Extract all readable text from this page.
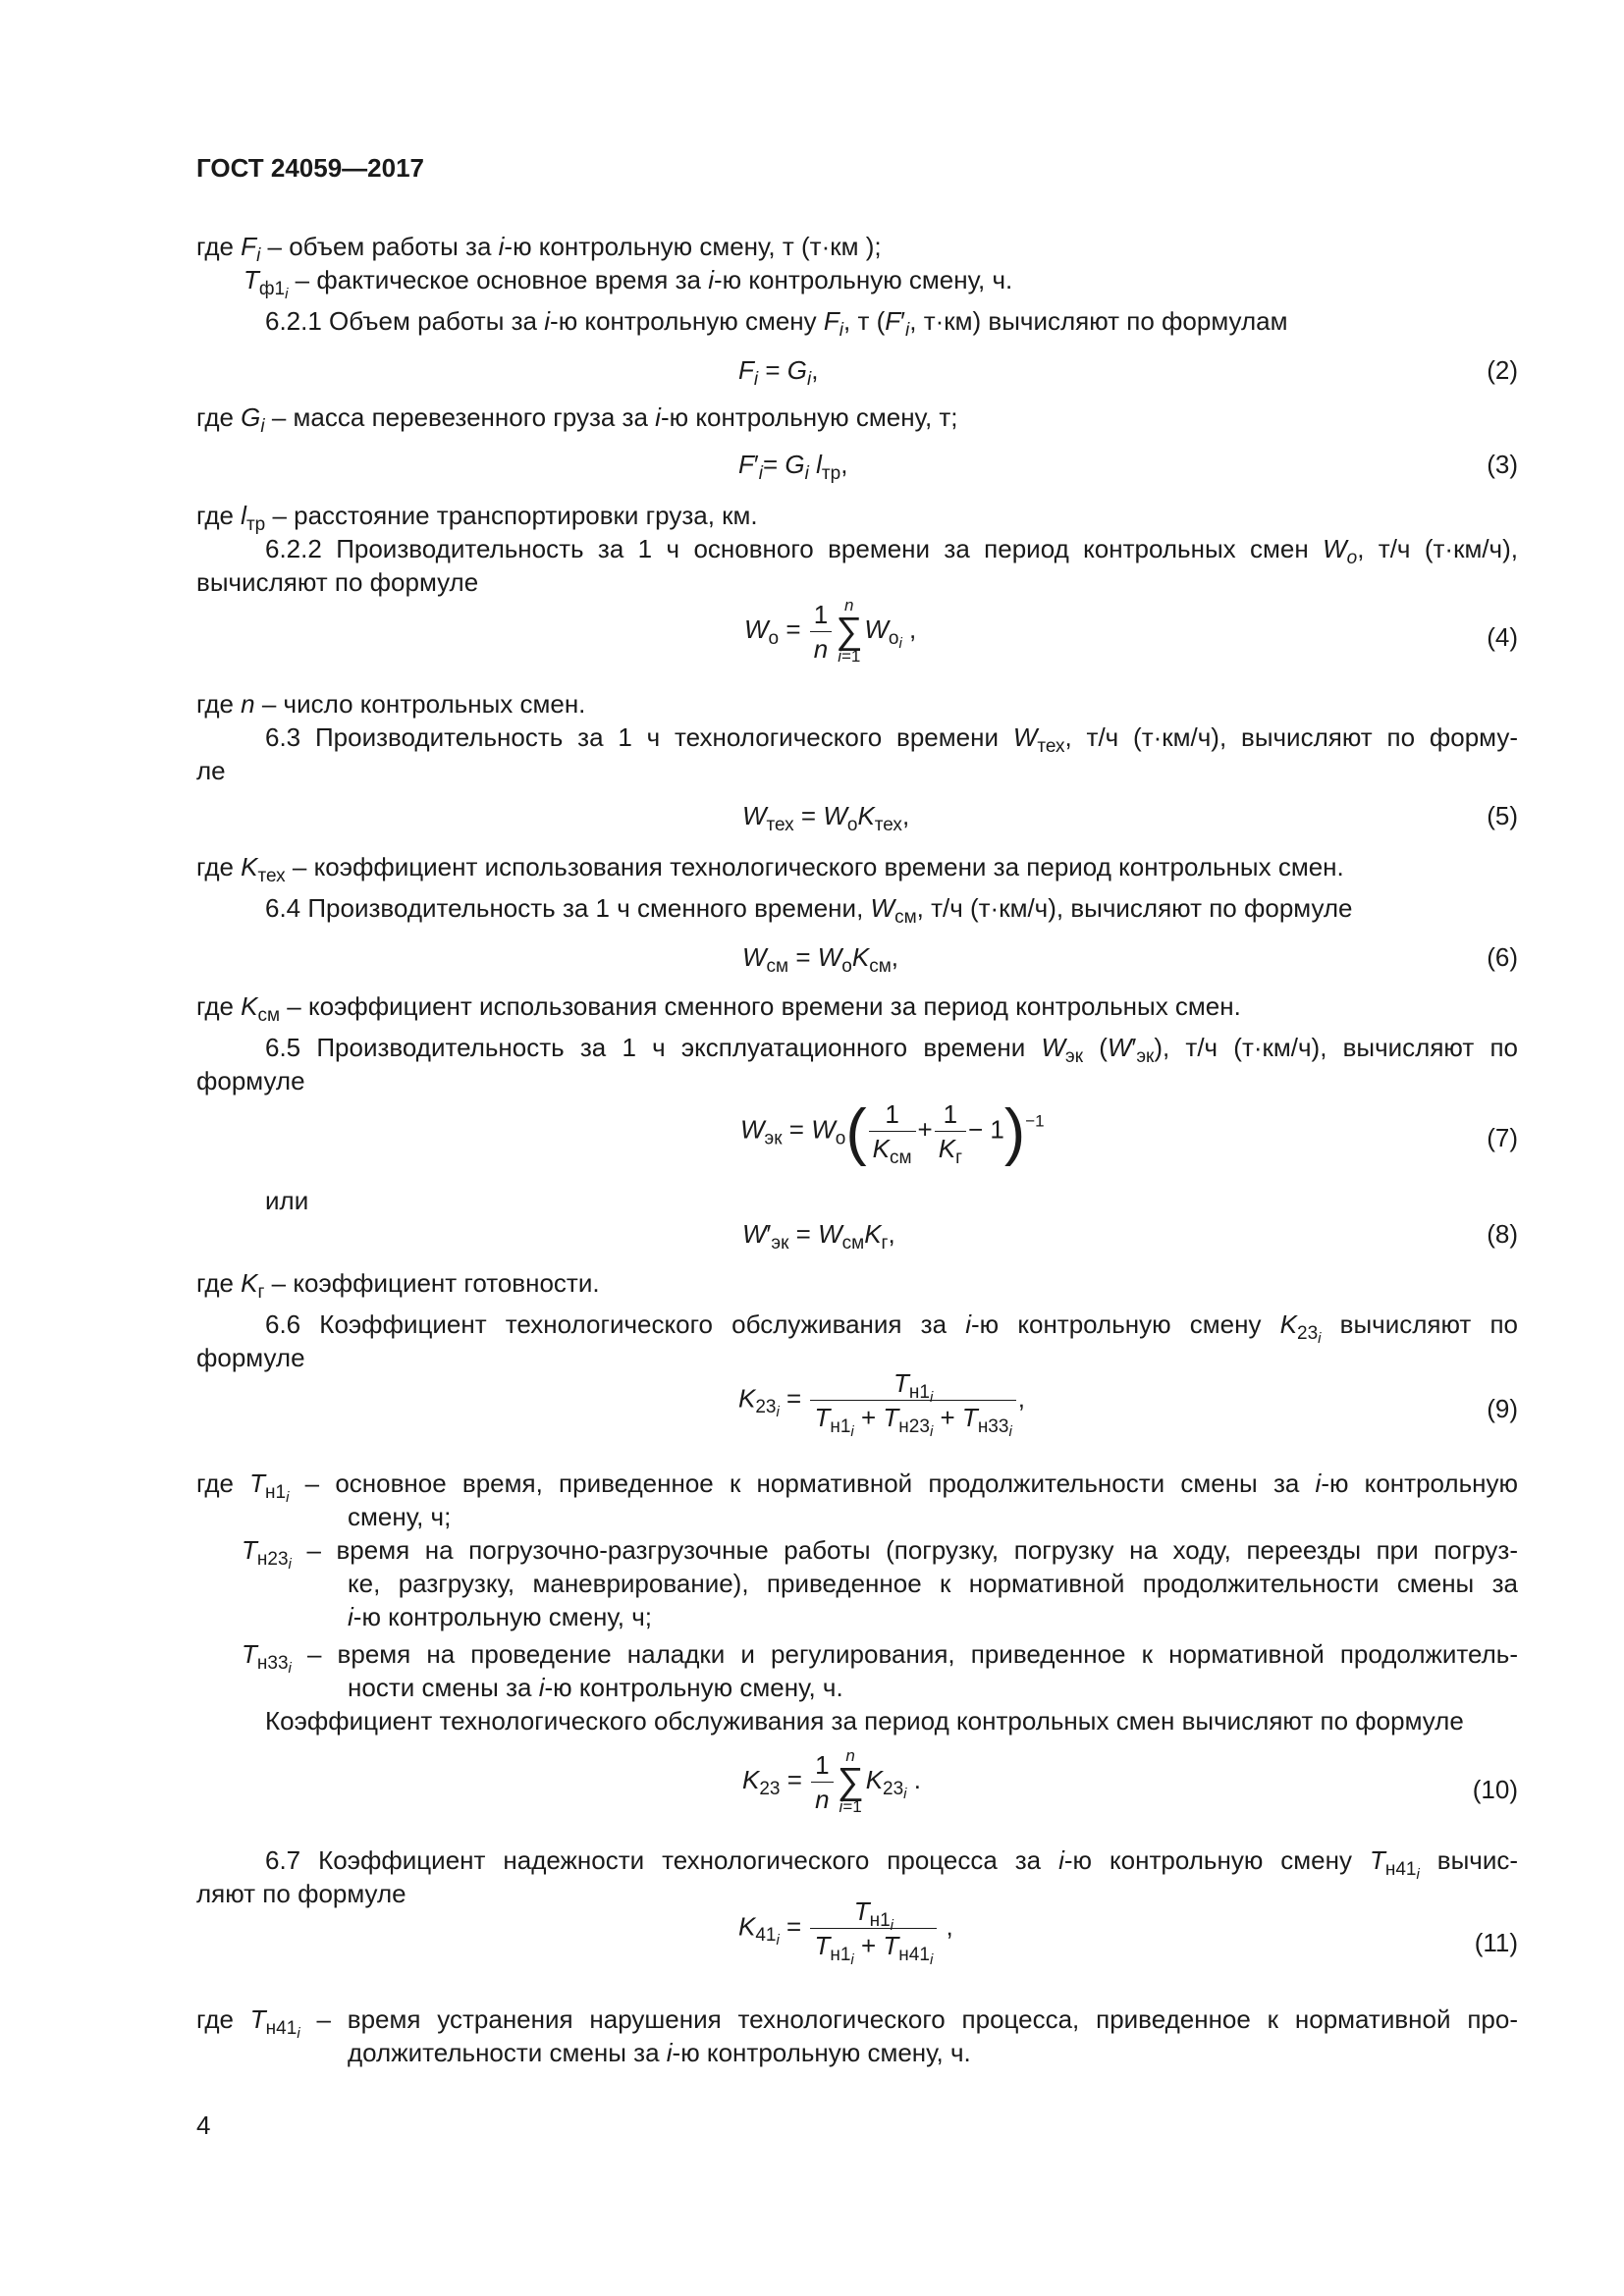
ГОСТ 24059—2017
где $F_i$ – объем работы за i-ю контрольную смену, т (т·км );
$T_{ф1_i}$ – фактическое основное время за i-ю контрольную смену, ч.
6.2.1 Объем работы за i-ю контрольную смену $F_i$, т ($F'_i$, т·км) вычисляют по формулам
$F_i = G_i$,	(2)
где $G_i$ – масса перевезенного груза за i-ю контрольную смену, т;
$F'_i= G_i$ $l_{тр}$,	(3)
где $l_{тр}$ – расстояние транспортировки груза, км.
6.2.2 Производительность за 1 ч основного времени за период контрольных смен $W_o$, т/ч (т·км/ч),
вычисляют по формуле
$W_o = \frac{1}{n}$ n
∑
i=1
$W_{o_i}$ ,	(4)
где n – число контрольных смен.
6.3 Производительность за 1 ч технологического времени $W_{тех}$, т/ч (т·км/ч), вычисляют по форму-
ле
$W_{тех} = W_оK_{тех}$,	(5)
где $K_{тех}$ – коэффициент использования технологического времени за период контрольных смен.
6.4 Производительность за 1 ч сменного времени, $W_{см}$, т/ч (т·км/ч), вычисляют по формуле
$W_{см} = W_оK_{см}$,	(6)
где $K_{см}$ – коэффициент использования сменного времени за период контрольных смен.
6.5 Производительность за 1 ч эксплуатационного времени $W_{эк}$ $(W'_{эк})$, т/ч (т·км/ч), вычисляют по
формуле
$W_{эк} = W_о( \frac{1}{K_{см}} + \frac{1}{K_г} - 1)^{-1}$
(7)
или
$W'_{эк} = W_{см}K_г$,	(8)
где $K_г$ – коэффициент готовности.
6.6 Коэффициент технологического обслуживания за i-ю контрольную смену $K_{23_i}$ вычисляют по
формуле
$K_{23_i} = \frac{T_{н1_i}}{T_{н1_i} + T_{н23_i} + T_{н33_i}}$ ,	(9)
где $T_{н1_i}$ – основное время, приведенное к нормативной продолжительности смены за i-ю контрольную
смену, ч;
$T_{н23_i}$ – время на погрузочно-разгрузочные работы (погрузку, погрузку на ходу, переезды при погруз-
ке, разгрузку, маневрирование), приведенное к нормативной продолжительности смены за
i-ю контрольную смену, ч;
$T_{н33_i}$ – время на проведение наладки и регулирования, приведенное к нормативной продолжитель-
ности смены за i-ю контрольную смену, ч.
Коэффициент технологического обслуживания за период контрольных смен вычисляют по формуле
$K_{23} = \frac{1}{n}$ n
∑
i=1
$K_{23_i}$ .	(10)
6.7 Коэффициент надежности технологического процесса за i-ю контрольную смену $T_{н41_i}$ вычис-
ляют по формуле
$K_{41_i} = \frac{T_{н1_i}}{T_{н1_i} + T_{н41_i}}$ ,
(11)
где $T_{н41_i}$ – время устранения нарушения технологического процесса, приведенное к нормативной про-
должительности смены за i-ю контрольную смену, ч.
4
